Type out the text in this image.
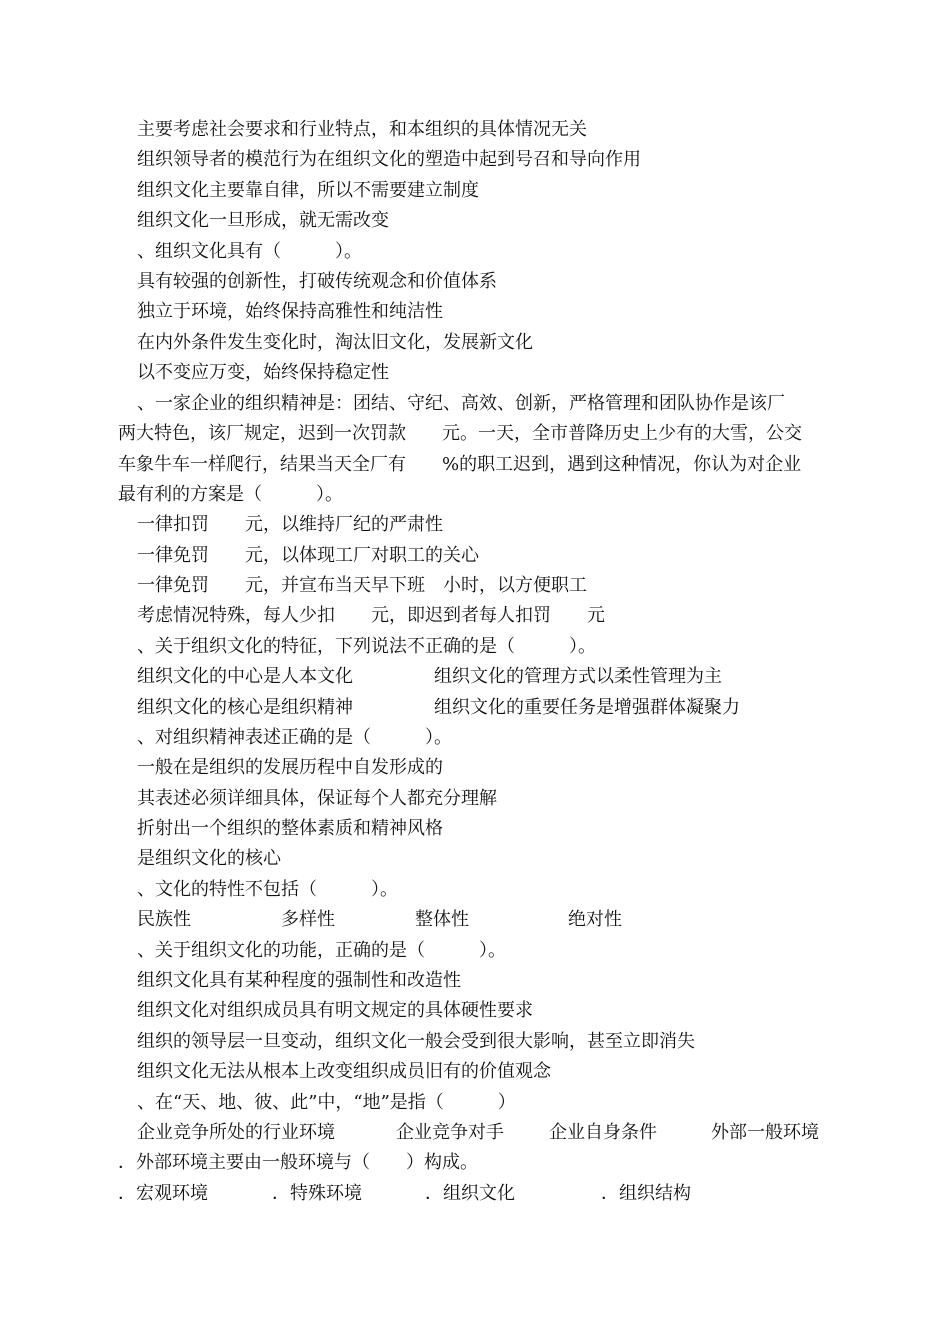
主要考虑社会要求和行业特点，和本组织的具体情况无关
组织领导者的模范行为在组织文化的塑造中起到号召和导向作用
组织文化主要靠自律，所以不需要建立制度
组织文化一旦形成，就无需改变
、组织文化具有（　　　）。
具有较强的创新性，打破传统观念和价值体系
独立于环境，始终保持高雅性和纯洁性
在内外条件发生变化时，淘汰旧文化，发展新文化
以不变应万变，始终保持稳定性
、一家企业的组织精神是：团结、守纪、高效、创新，严格管理和团队协作是该厂
两大特色，该厂规定，迟到一次罚款　　元。一天，全市普降历史上少有的大雪，公交
车象牛车一样爬行，结果当天全厂有　　%的职工迟到，遇到这种情况，你认为对企业
最有利的方案是（　　　）。
一律扣罚　　元，以维持厂纪的严肃性
一律免罚　　元，以体现工厂对职工的关心
一律免罚　　元，并宣布当天早下班　小时，以方便职工
考虑情况特殊，每人少扣　　元，即迟到者每人扣罚　　元
、关于组织文化的特征，下列说法不正确的是（　　　）。
组织文化的中心是人本文化	组织文化的管理方式以柔性管理为主
组织文化的核心是组织精神	组织文化的重要任务是增强群体凝聚力
、对组织精神表述正确的是（　　　）。
一般在是组织的发展历程中自发形成的
其表述必须详细具体，保证每个人都充分理解
折射出一个组织的整体素质和精神风格
是组织文化的核心
、文化的特性不包括（　　　）。
民族性	多样性	整体性	绝对性
、关于组织文化的功能，正确的是（　　　）。
组织文化具有某种程度的强制性和改造性
组织文化对组织成员具有明文规定的具体硬性要求
组织的领导层一旦变动，组织文化一般会受到很大影响，甚至立即消失
组织文化无法从根本上改变组织成员旧有的价值观念
、在“天、地、彼、此”中，“地”是指（　　　）
企业竞争所处的行业环境	企业竞争对手	企业自身条件	外部一般环境
．外部环境主要由一般环境与（　　）构成。
．宏观环境	．特殊环境	．组织文化	．组织结构
